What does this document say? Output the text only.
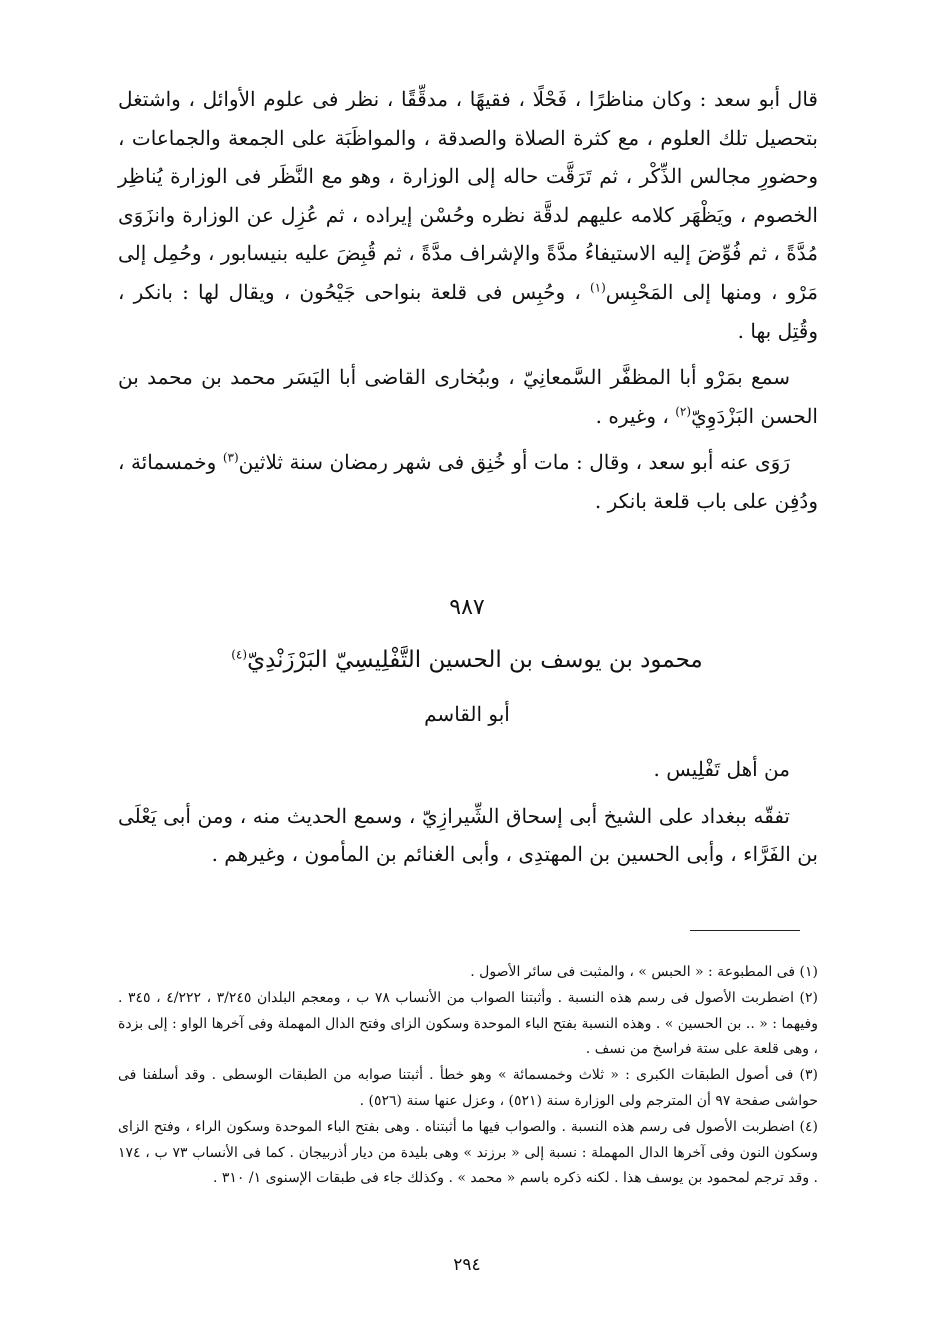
قال أبو سعد : وكان مناظرًا ، فَحْلًا ، فقيهًا ، مدقِّقًا ، نظر فى علوم الأوائل ، واشتغل بتحصيل تلك العلوم ، مع كثرة الصلاة والصدقة ، والمواظَبَة على الجمعة والجماعات ، وحضورِ مجالس الذِّكْر ، ثم تَرَقَّت حاله إلى الوزارة ، وهو مع النَّظَر فى الوزارة يُناظِر الخصوم ، ويَظْهَر كلامه عليهم لدقَّة نظره وحُسْن إيراده ، ثم عُزِل عن الوزارة وانزَوَى مُدَّةً ، ثم فُوِّضَ إليه الاستيفاءُ مدَّةً والإشراف مدَّةً ، ثم قُبِضَ عليه بنيسابور ، وحُمِل إلى مَرْو ، ومنها إلى المَحْبِس$^{(١)}$ ، وحُبِس فى قلعة بنواحى جَيْحُون ، ويقال لها : بانكر ، وقُتِل بها .

سمع بمَرْو أبا المظفَّر السَّمعانِيّ ، وببُخارى القاضى أبا اليَسَر محمد بن محمد بن الحسن البَزْدَوِيّ$^{(٢)}$ ، وغيره .

رَوَى عنه أبو سعد ، وقال : مات أو خُنِق فى شهر رمضان سنة ثلاثين$^{(٣)}$ وخمسمائة ، ودُفِن على باب قلعة بانكر .

٩٨٧
محمود بن يوسف بن الحسين التَّفْلِيسِيّ البَرْزَنْدِيّ$^{(٤)}$
أبو القاسم

من أهل تَفْلِيس .

تفقّه ببغداد على الشيخ أبى إسحاق الشِّيرازِيّ ، وسمع الحديث منه ، ومن أبى يَعْلَى بن الفَرَّاء ، وأبى الحسين بن المهتدِى ، وأبى الغنائم بن المأمون ، وغيرهم .

(١) فى المطبوعة : « الحبس » ، والمثبت فى سائر الأصول .

(٢) اضطربت الأصول فى رسم هذه النسبة . وأثبتنا الصواب من الأنساب ٧٨ ب ، ومعجم البلدان ٣/٢٤٥ ، ٤/٢٢٢ ، ٣٤٥ . وفيهما : « .. بن الحسين » . وهذه النسبة بفتح الباء الموحدة وسكون الزاى وفتح الدال المهملة وفى آخرها الواو : إلى بزدة ، وهى قلعة على ستة فراسخ من نسف .

(٣) فى أصول الطبقات الكبرى : « ثلاث وخمسمائة » وهو خطأ . أثبتنا صوابه من الطبقات الوسطى . وقد أسلفنا فى حواشى صفحة ٩٧ أن المترجم ولى الوزارة سنة (٥٢١) ، وعزل عنها سنة (٥٢٦) .

(٤) اضطربت الأصول فى رسم هذه النسبة . والصواب فيها ما أثبتناه . وهى بفتح الباء الموحدة وسكون الراء ، وفتح الزاى وسكون النون وفى آخرها الدال المهملة : نسبة إلى « برزند » وهى بليدة من ديار أذربيجان . كما فى الأنساب ٧٣ ب ، ١٧٤ . وقد ترجم لمحمود بن يوسف هذا . لكنه ذكره باسم « محمد » . وكذلك جاء فى طبقات الإسنوى ١/ ٣١٠ .

٢٩٤
